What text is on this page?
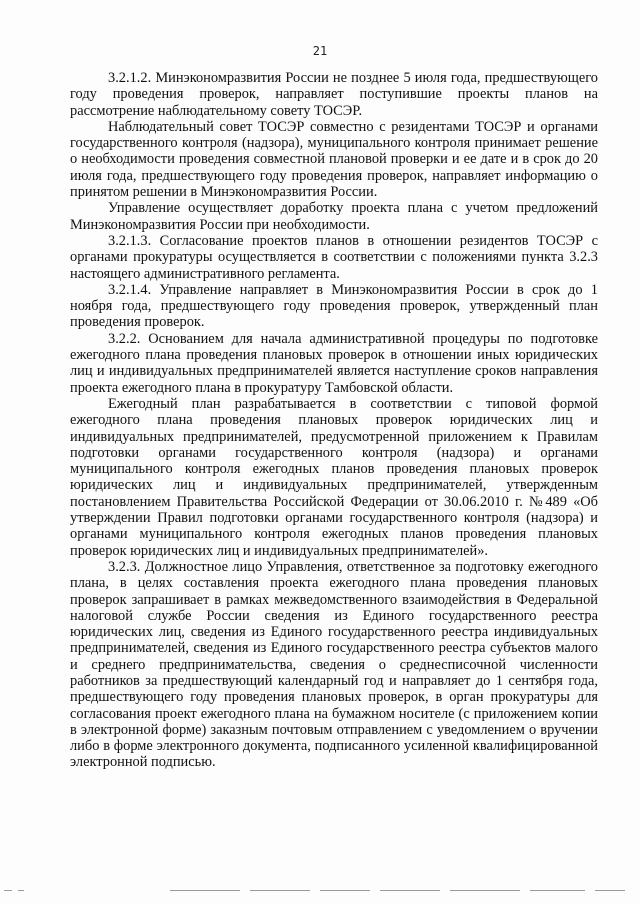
21

3.2.1.2. Минэкономразвития России не позднее 5 июля года, предшествующего году проведения проверок, направляет поступившие проекты планов на рассмотрение наблюдательному совету ТОСЭР.

Наблюдательный совет ТОСЭР совместно с резидентами ТОСЭР и органами государственного контроля (надзора), муниципального контроля принимает решение о необходимости проведения совместной плановой проверки и ее дате и в срок до 20 июля года, предшествующего году проведения проверок, направляет информацию о принятом решении в Минэкономразвития России.

Управление осуществляет доработку проекта плана с учетом предложений Минэкономразвития России при необходимости.

3.2.1.3. Согласование проектов планов в отношении резидентов ТОСЭР с органами прокуратуры осуществляется в соответствии с положениями пункта 3.2.3 настоящего административного регламента.

3.2.1.4. Управление направляет в Минэкономразвития России в срок до 1 ноября года, предшествующего году проведения проверок, утвержденный план проведения проверок.

3.2.2. Основанием для начала административной процедуры по подготовке ежегодного плана проведения плановых проверок в отношении иных юридических лиц и индивидуальных предпринимателей является наступление сроков направления проекта ежегодного плана в прокуратуру Тамбовской области.

Ежегодный план разрабатывается в соответствии с типовой формой ежегодного плана проведения плановых проверок юридических лиц и индивидуальных предпринимателей, предусмотренной приложением к Правилам подготовки органами государственного контроля (надзора) и органами муниципального контроля ежегодных планов проведения плановых проверок юридических лиц и индивидуальных предпринимателей, утвержденным постановлением Правительства Российской Федерации от 30.06.2010 г. №489 «Об утверждении Правил подготовки органами государственного контроля (надзора) и органами муниципального контроля ежегодных планов проведения плановых проверок юридических лиц и индивидуальных предпринимателей».

3.2.3. Должностное лицо Управления, ответственное за подготовку ежегодного плана, в целях составления проекта ежегодного плана проведения плановых проверок запрашивает в рамках межведомственного взаимодействия в Федеральной налоговой службе России сведения из Единого государственного реестра юридических лиц, сведения из Единого государственного реестра индивидуальных предпринимателей, сведения из Единого государственного реестра субъектов малого и среднего предпринимательства, сведения о среднесписочной численности работников за предшествующий календарный год и направляет до 1 сентября года, предшествующего году проведения плановых проверок, в орган прокуратуры для согласования проект ежегодного плана на бумажном носителе (с приложением копии в электронной форме) заказным почтовым отправлением с уведомлением о вручении либо в форме электронного документа, подписанного усиленной квалифицированной электронной подписью.
